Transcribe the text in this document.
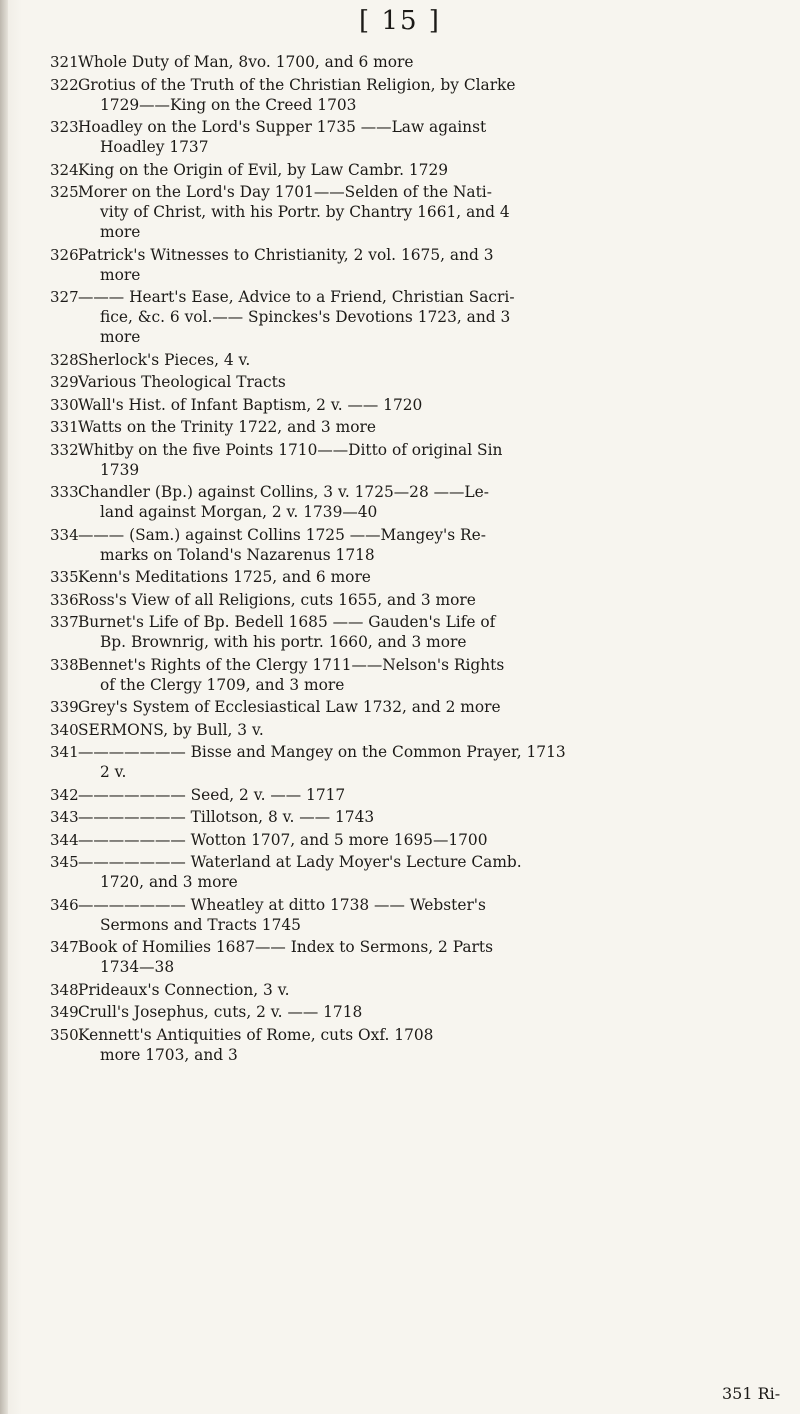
[ 15 ]
321 Whole Duty of Man, 8vo. 1700, and 6 more
322 Grotius of the Truth of the Christian Religion, by Clarke
1729——King on the Creed 1703
323 Hoadley on the Lord's Supper 1735 ——Law against
Hoadley 1737
324 King on the Origin of Evil, by Law Cambr. 1729
325 Morer on the Lord's Day 1701——Selden of the Nati-
vity of Christ, with his Portr. by Chantry 1661, and 4
more
326 Patrick's Witnesses to Christianity, 2 vol. 1675, and 3
more
327 ——— Heart's Ease, Advice to a Friend, Christian Sacri-
fice, &c. 6 vol.—— Spinckes's Devotions 1723, and 3
more
328 Sherlock's Pieces, 4 v.
329 Various Theological Tracts
330 Wall's Hist. of Infant Baptism, 2 v. —— 1720
331 Watts on the Trinity 1722, and 3 more
332 Whitby on the five Points 1710——Ditto of original Sin
1739
333 Chandler (Bp.) against Collins, 3 v. 1725—28 ——Le-
land against Morgan, 2 v. 1739—40
334 ——— (Sam.) against Collins 1725 ——Mangey's Re-
marks on Toland's Nazarenus 1718
335 Kenn's Meditations 1725, and 6 more
336 Ross's View of all Religions, cuts 1655, and 3 more
337 Burnet's Life of Bp. Bedell 1685 —— Gauden's Life of
Bp. Brownrig, with his portr. 1660, and 3 more
338 Bennet's Rights of the Clergy 1711——Nelson's Rights
of the Clergy 1709, and 3 more
339 Grey's System of Ecclesiastical Law 1732, and 2 more
340 SERMONS, by Bull, 3 v.
341 ——————— Bisse and Mangey on the Common Prayer, 1713
2 v.
342 ——————— Seed, 2 v. —— 1717
343 ——————— Tillotson, 8 v. —— 1743
344 ——————— Wotton 1707, and 5 more 1695—1700
345 ——————— Waterland at Lady Moyer's Lecture Camb.
1720, and 3 more
346 ——————— Wheatley at ditto 1738 —— Webster's
Sermons and Tracts 1745
347 Book of Homilies 1687—— Index to Sermons, 2 Parts
1734—38
348 Prideaux's Connection, 3 v.
349 Crull's Josephus, cuts, 2 v. —— 1718
350 Kennett's Antiquities of Rome, cuts Oxf. 1708
more 1703, and 3
351 Ri-
